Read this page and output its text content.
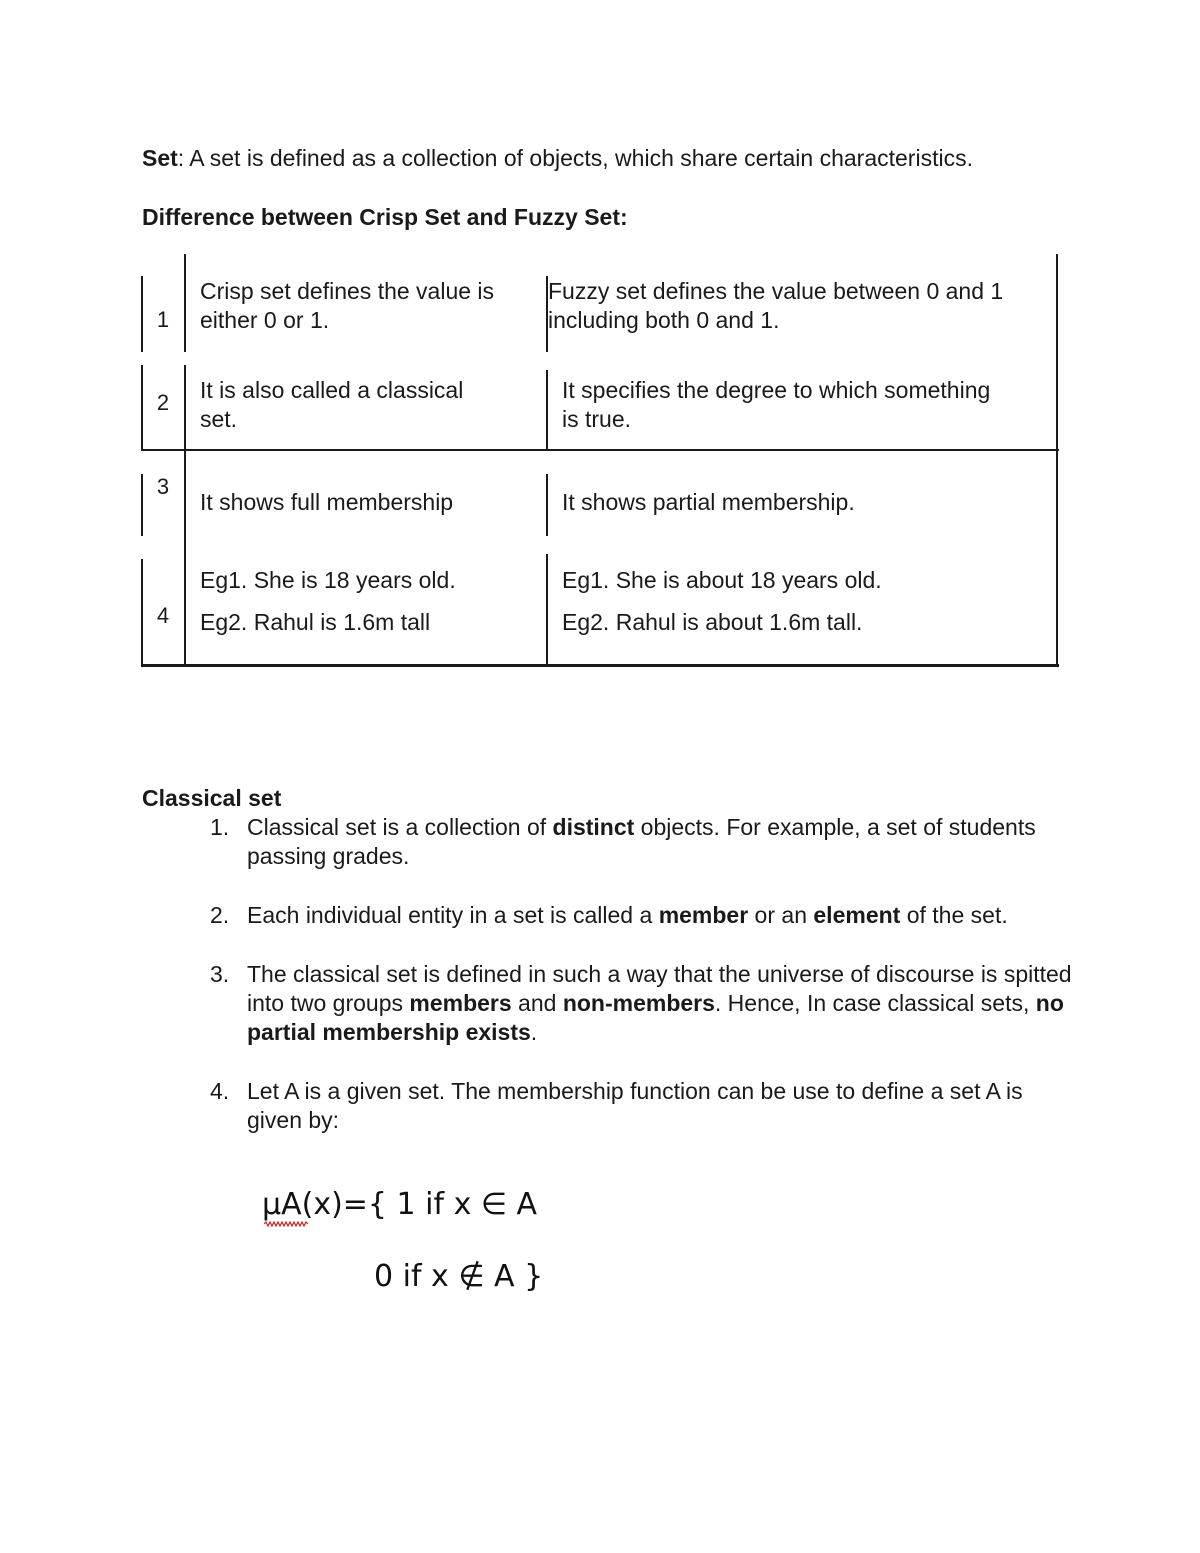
Set: A set is defined as a collection of objects, which share certain characteristics.
Difference between Crisp Set and Fuzzy Set:
1
Crisp set defines the value is
either 0 or 1.
Fuzzy set defines the value between 0 and 1
including both 0 and 1.
2	It is also called a classical
set.
It specifies the degree to which something
is true.
3
It shows full membership	It shows partial membership.
4
Eg1. She is 18 years old.
Eg2. Rahul is 1.6m tall
Eg1. She is about 18 years old.
Eg2. Rahul is about 1.6m tall.
Classical set
1. Classical set is a collection of distinct objects. For example, a set of students passing grades.
2. Each individual entity in a set is called a member or an element of the set.
3. The classical set is defined in such a way that the universe of discourse is spitted into two groups members and non-members. Hence, In case classical sets, no partial membership exists.
4. Let A is a given set. The membership function can be use to define a set A is given by:
μA(x)={ 1 if x ∈ A
0 if x ∉ A }
